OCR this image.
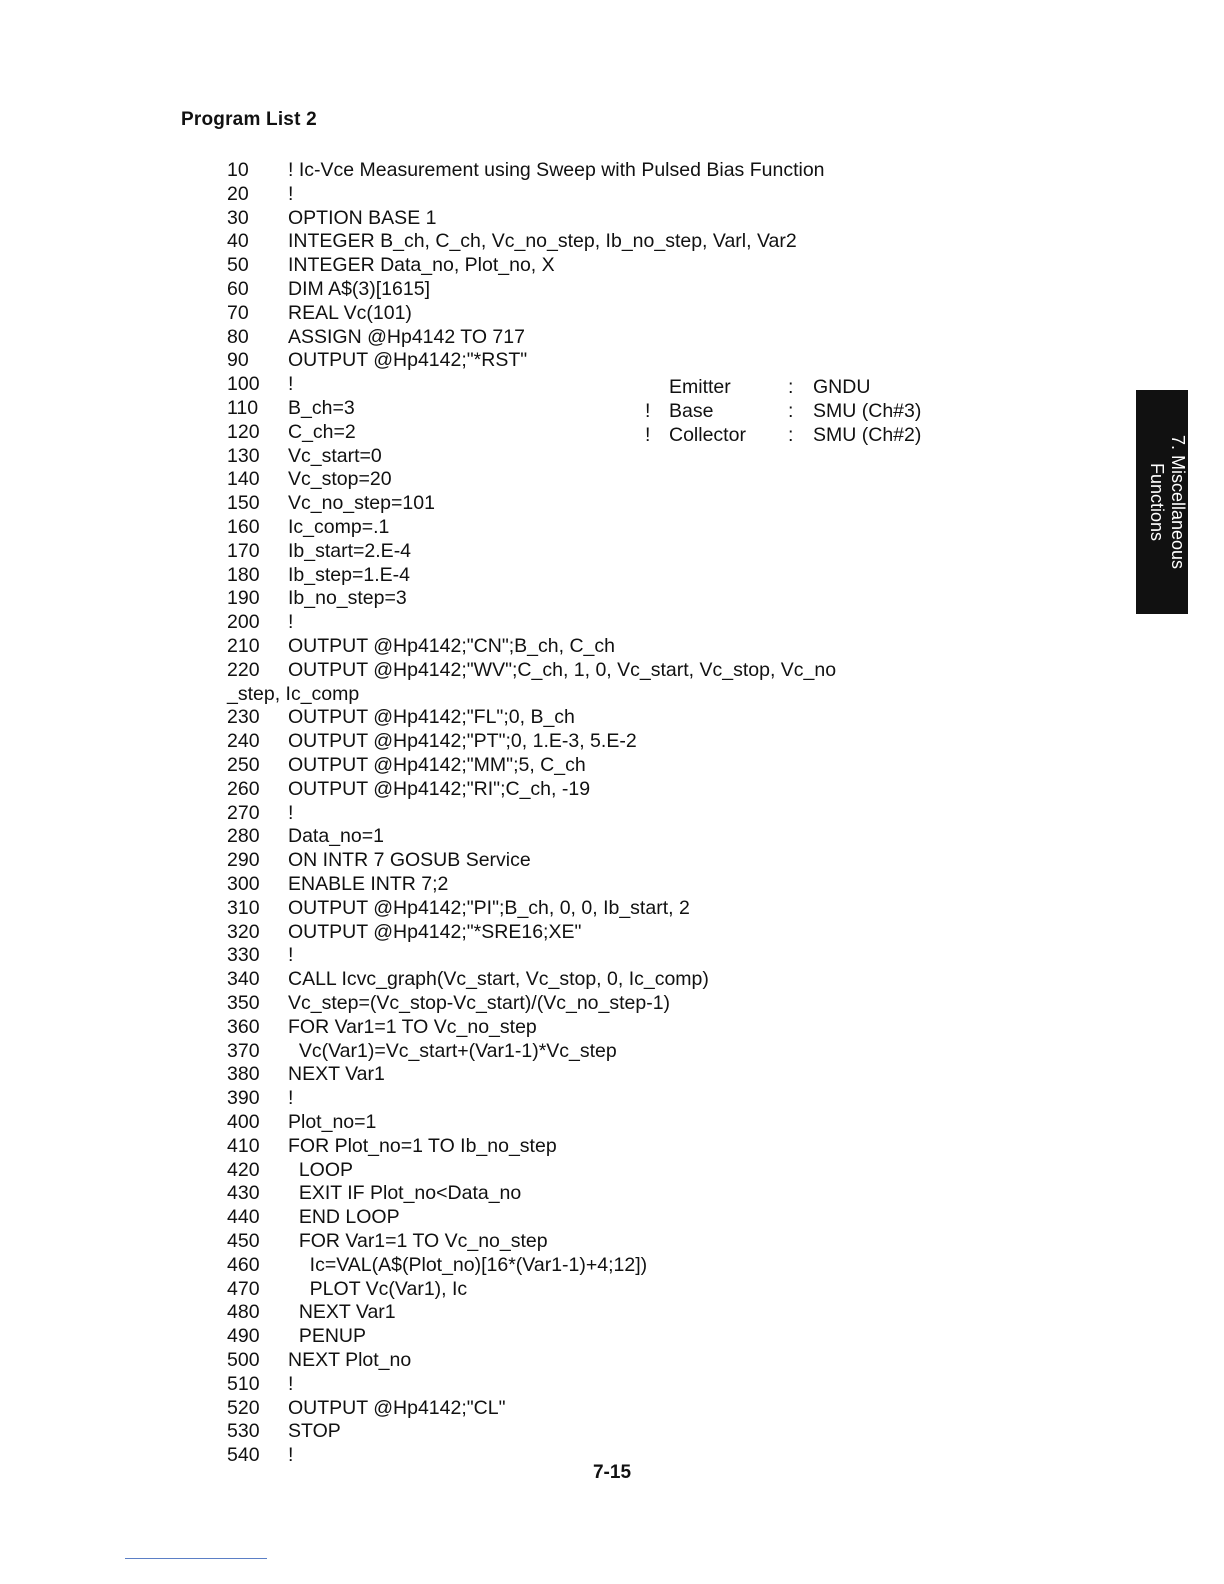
Program List 2
10	! Ic-Vce Measurement using Sweep with Pulsed Bias Function
20	!
30	OPTION BASE 1
40	INTEGER B_ch, C_ch, Vc_no_step, Ib_no_step, Varl, Var2
50	INTEGER Data_no, Plot_no, X
60	DIM A$(3)[1615]
70	REAL Vc(101)
80	ASSIGN @Hp4142 TO 717
90	OUTPUT @Hp4142;"*RST"
100	!
110	B_ch=3
120	C_ch=2
130	Vc_start=0
140	Vc_stop=20
150	Vc_no_step=101
160	Ic_comp=.1
170	Ib_start=2.E-4
180	Ib_step=1.E-4
190	Ib_no_step=3
200	!
210	OUTPUT @Hp4142;"CN";B_ch, C_ch
220	OUTPUT @Hp4142;"WV";C_ch, 1, 0, Vc_start, Vc_stop, Vc_no
_step, Ic_comp
230	OUTPUT @Hp4142;"FL";0, B_ch
240	OUTPUT @Hp4142;"PT";0, 1.E-3, 5.E-2
250	OUTPUT @Hp4142;"MM";5, C_ch
260	OUTPUT @Hp4142;"RI";C_ch, -19
270	!
280	Data_no=1
290	ON INTR 7 GOSUB Service
300	ENABLE INTR 7;2
310	OUTPUT @Hp4142;"PI";B_ch, 0, 0, Ib_start, 2
320	OUTPUT @Hp4142;"*SRE16;XE"
330	!
340	CALL Icvc_graph(Vc_start, Vc_stop, 0, Ic_comp)
350	Vc_step=(Vc_stop-Vc_start)/(Vc_no_step-1)
360	FOR Var1=1 TO Vc_no_step
370	Vc(Var1)=Vc_start+(Var1-1)*Vc_step
380	NEXT Var1
390	!
400	Plot_no=1
410	FOR Plot_no=1 TO Ib_no_step
420	LOOP
430	EXIT IF Plot_no<Data_no
440	END LOOP
450	FOR Var1=1 TO Vc_no_step
460	Ic=VAL(A$(Plot_no)[16*(Var1-1)+4;12])
470	PLOT Vc(Var1), Ic
480	NEXT Var1
490	PENUP
500	NEXT Plot_no
510	!
520	OUTPUT @Hp4142;"CL"
530	STOP
540	!
Emitter	: GNDU
! Base	: SMU (Ch#3)
! Collector : SMU (Ch#2)	7. Miscellaneous
Functions
7-15
